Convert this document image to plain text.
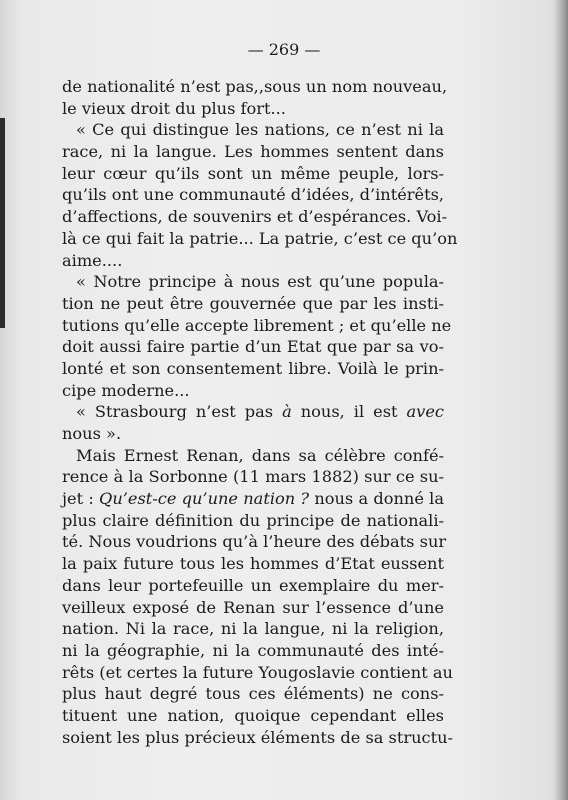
— 269 —
de nationalité n’est pas,,sous un nom nouveau,
le vieux droit du plus fort...
« Ce qui distingue les nations, ce n’est ni la
race, ni la langue. Les hommes sentent dans
leur cœur qu’ils sont un même peuple, lors-
qu’ils ont une communauté d’idées, d’intérêts,
d’affections, de souvenirs et d’espérances. Voi-
là ce qui fait la patrie... La patrie, c’est ce qu’on
aime....
« Notre principe à nous est qu’une popula-
tion ne peut être gouvernée que par les insti-
tutions qu’elle accepte librement ; et qu’elle ne
doit aussi faire partie d’un Etat que par sa vo-
lonté et son consentement libre. Voilà le prin-
cipe moderne...
« Strasbourg n’est pas à nous, il est avec
nous ».
Mais Ernest Renan, dans sa célèbre confé-
rence à la Sorbonne (11 mars 1882) sur ce su-
jet : Qu’est-ce qu’une nation ? nous a donné la
plus claire définition du principe de nationali-
té. Nous voudrions qu’à l’heure des débats sur
la paix future tous les hommes d’Etat eussent
dans leur portefeuille un exemplaire du mer-
veilleux exposé de Renan sur l’essence d’une
nation. Ni la race, ni la langue, ni la religion,
ni la géographie, ni la communauté des inté-
rêts (et certes la future Yougoslavie contient au
plus haut degré tous ces éléments) ne cons-
tituent une nation, quoique cependant elles
soient les plus précieux éléments de sa structu-
